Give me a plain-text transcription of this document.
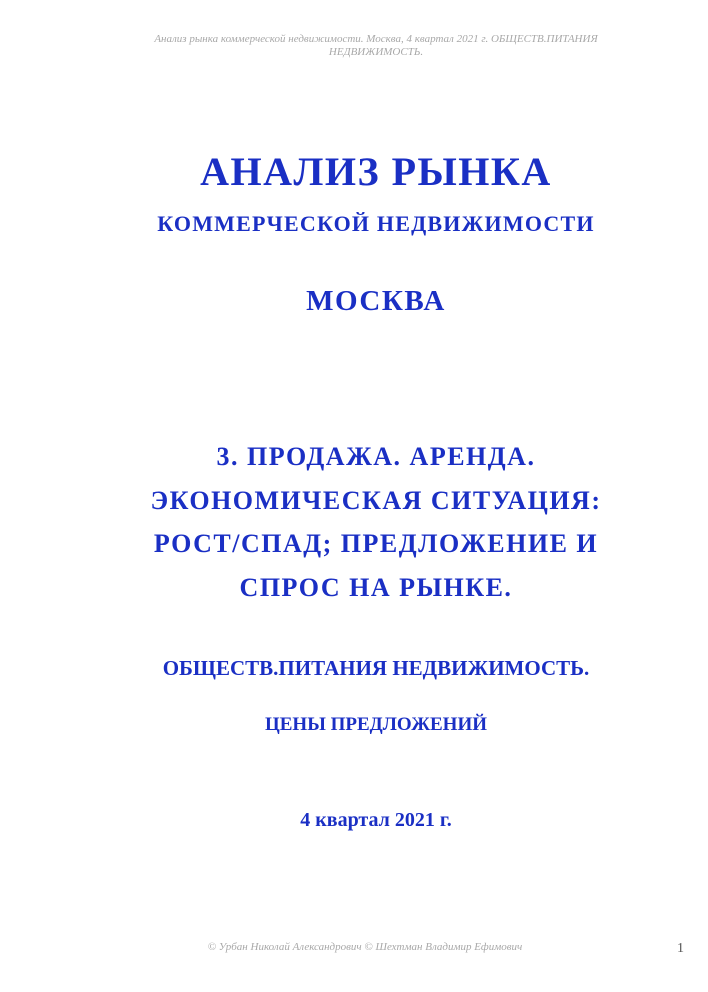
Анализ рынка коммерческой недвижимости. Москва, 4 квартал 2021 г. ОБЩЕСТВ.ПИТАНИЯ
НЕДВИЖИМОСТЬ.
АНАЛИЗ РЫНКА
КОММЕРЧЕСКОЙ НЕДВИЖИМОСТИ
МОСКВА
3. ПРОДАЖА. АРЕНДА.
ЭКОНОМИЧЕСКАЯ СИТУАЦИЯ:
РОСТ/СПАД; ПРЕДЛОЖЕНИЕ И
СПРОС НА РЫНКЕ.
ОБЩЕСТВ.ПИТАНИЯ НЕДВИЖИМОСТЬ.
ЦЕНЫ ПРЕДЛОЖЕНИЙ
4 квартал 2021 г.
© Урбан Николай Александрович © Шехтман Владимир Ефимович	1
